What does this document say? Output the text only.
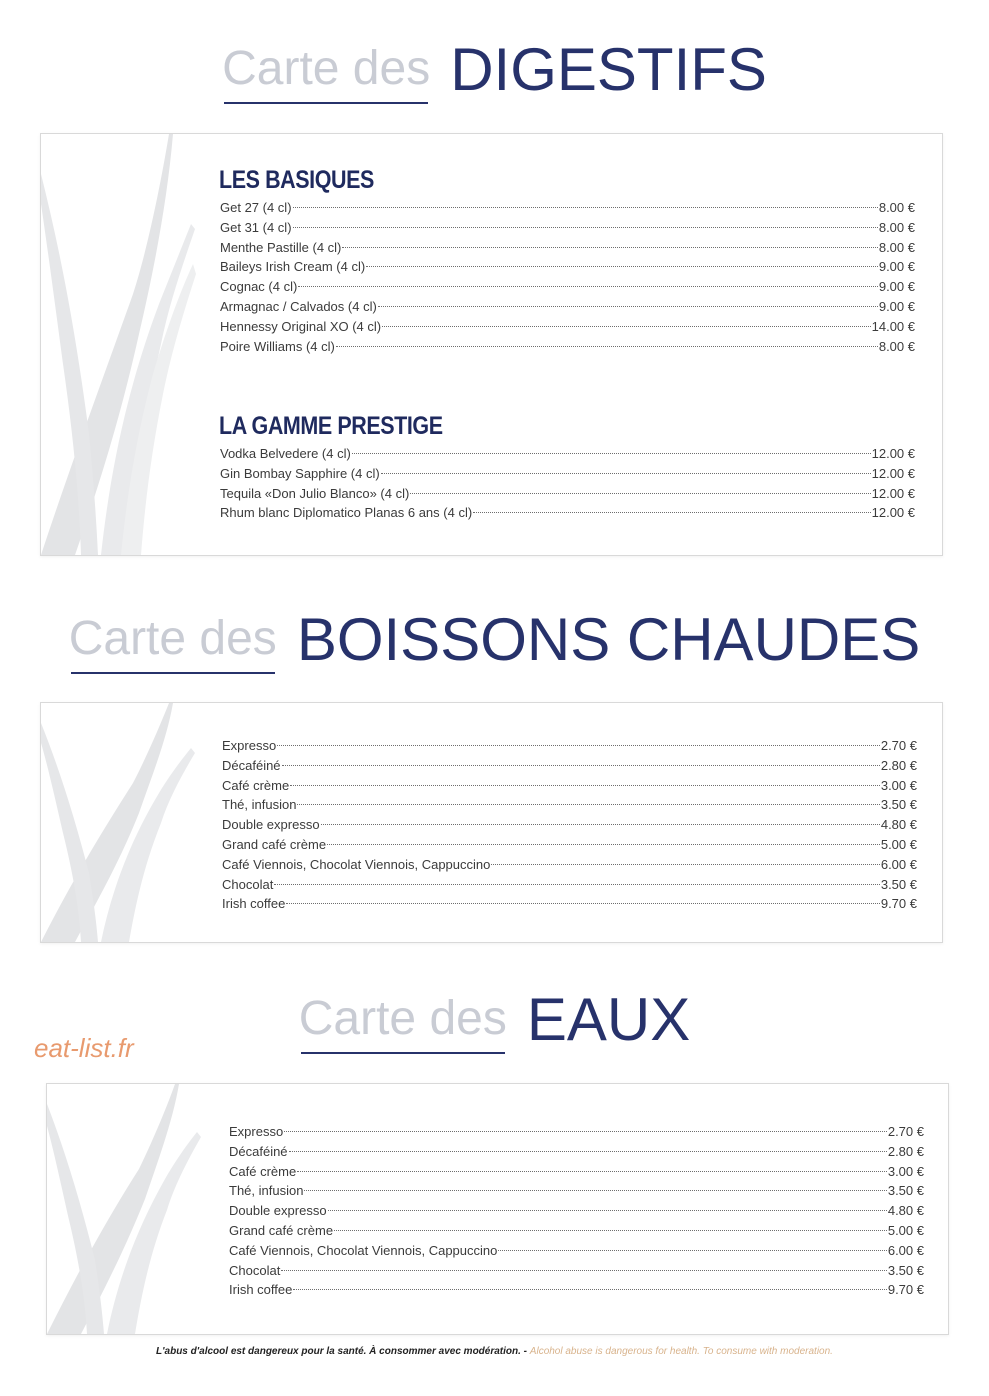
Carte des DIGESTIFS
LES BASIQUES
Get 27 (4 cl)	8.00 €
Get 31 (4 cl)	8.00 €
Menthe Pastille (4 cl)	8.00 €
Baileys Irish Cream (4 cl)	9.00 €
Cognac (4 cl)	9.00 €
Armagnac / Calvados (4 cl)	9.00 €
Hennessy Original XO (4 cl)	14.00 €
Poire Williams (4 cl)	8.00 €
LA GAMME PRESTIGE
Vodka Belvedere (4 cl)	12.00 €
Gin Bombay Sapphire (4 cl)	12.00 €
Tequila «Don Julio Blanco» (4 cl)	12.00 €
Rhum blanc Diplomatico Planas 6 ans (4 cl)	12.00 €
Carte des BOISSONS CHAUDES
Expresso	2.70 €
Décaféiné	2.80 €
Café crème	3.00 €
Thé, infusion	3.50 €
Double expresso	4.80 €
Grand café crème	5.00 €
Café Viennois, Chocolat Viennois, Cappuccino	6.00 €
Chocolat	3.50 €
Irish coffee	9.70 €
Carte des EAUX
eat-list.fr
Expresso	2.70 €
Décaféiné	2.80 €
Café crème	3.00 €
Thé, infusion	3.50 €
Double expresso	4.80 €
Grand café crème	5.00 €
Café Viennois, Chocolat Viennois, Cappuccino	6.00 €
Chocolat	3.50 €
Irish coffee	9.70 €
L'abus d'alcool est dangereux pour la santé. À consommer avec modération. - Alcohol abuse is dangerous for health. To consume with moderation.
